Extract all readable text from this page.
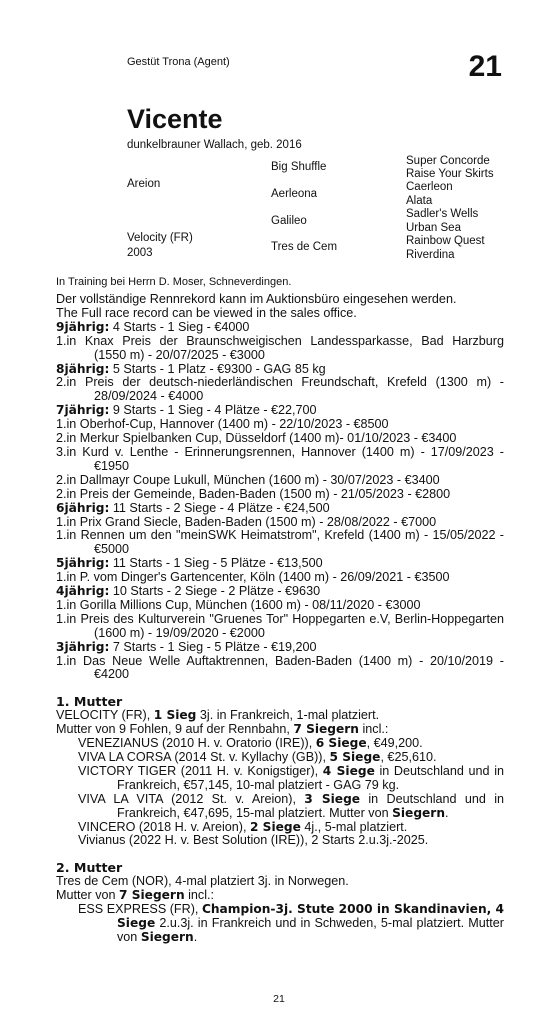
Gestüt Trona (Agent)	21
Vicente
dunkelbrauner Wallach, geb. 2016
Areion
Velocity (FR)
2003
Big Shuffle
Aerleona
Galileo
Tres de Cem
Super Concorde
Raise Your Skirts
Caerleon
Alata
Sadler's Wells
Urban Sea
Rainbow Quest
Riverdina
In Training bei Herrn D. Moser, Schneverdingen.

Der vollständige Rennrekord kann im Auktionsbüro eingesehen werden.

The Full race record can be viewed in the sales office.

9jährig: 4 Starts - 1 Sieg - €4000

1.in Knax Preis der Braunschweigischen Landessparkasse, Bad Harzburg (1550 m) - 20/07/2025 - €3000

8jährig: 5 Starts - 1 Platz - €9300 - GAG 85 kg

2.in Preis der deutsch-niederländischen Freundschaft, Krefeld (1300 m) - 28/09/2024 - €4000

7jährig: 9 Starts - 1 Sieg - 4 Plätze - €22,700

1.in Oberhof-Cup, Hannover (1400 m) - 22/10/2023 - €8500

2.in Merkur Spielbanken Cup, Düsseldorf (1400 m)- 01/10/2023 - €3400

3.in Kurd v. Lenthe - Erinnerungsrennen, Hannover (1400 m) - 17/09/2023 - €1950

2.in Dallmayr Coupe Lukull, München (1600 m) - 30/07/2023 - €3400

2.in Preis der Gemeinde, Baden-Baden (1500 m) - 21/05/2023 - €2800

6jährig: 11 Starts - 2 Siege - 4 Plätze - €24,500

1.in Prix Grand Siecle, Baden-Baden (1500 m) - 28/08/2022 - €7000

1.in Rennen um den "meinSWK Heimatstrom", Krefeld (1400 m) - 15/05/2022 - €5000

5jährig: 11 Starts - 1 Sieg - 5 Plätze - €13,500

1.in P. vom Dinger's Gartencenter, Köln (1400 m) - 26/09/2021 - €3500

4jährig: 10 Starts - 2 Siege - 2 Plätze - €9630

1.in Gorilla Millions Cup, München (1600 m) - 08/11/2020 - €3000

1.in Preis des Kulturverein "Gruenes Tor" Hoppegarten e.V, Berlin-Hoppegarten (1600 m) - 19/09/2020 - €2000

3jährig: 7 Starts - 1 Sieg - 5 Plätze - €19,200

1.in Das Neue Welle Auftaktrennen, Baden-Baden (1400 m) - 20/10/2019 - €4200

1. Mutter

VELOCITY (FR), 1 Sieg 3j. in Frankreich, 1-mal platziert.

Mutter von 9 Fohlen, 9 auf der Rennbahn, 7 Siegern incl.:

VENEZIANUS (2010 H. v. Oratorio (IRE)), 6 Siege, €49,200.

VIVA LA CORSA (2014 St. v. Kyllachy (GB)), 5 Siege, €25,610.

VICTORY TIGER (2011 H. v. Konigstiger), 4 Siege in Deutschland und in Frankreich, €57,145, 10-mal platziert - GAG 79 kg.

VIVA LA VITA (2012 St. v. Areion), 3 Siege in Deutschland und in Frankreich, €47,695, 15-mal platziert. Mutter von Siegern.

VINCERO (2018 H. v. Areion), 2 Siege 4j., 5-mal platziert.

Vivianus (2022 H. v. Best Solution (IRE)), 2 Starts 2.u.3j.-2025.

2. Mutter

Tres de Cem (NOR), 4-mal platziert 3j. in Norwegen.

Mutter von 7 Siegern incl.:

ESS EXPRESS (FR), Champion-3j. Stute 2000 in Skandinavien, 4 Siege 2.u.3j. in Frankreich und in Schweden, 5-mal platziert. Mutter von Siegern.

21
